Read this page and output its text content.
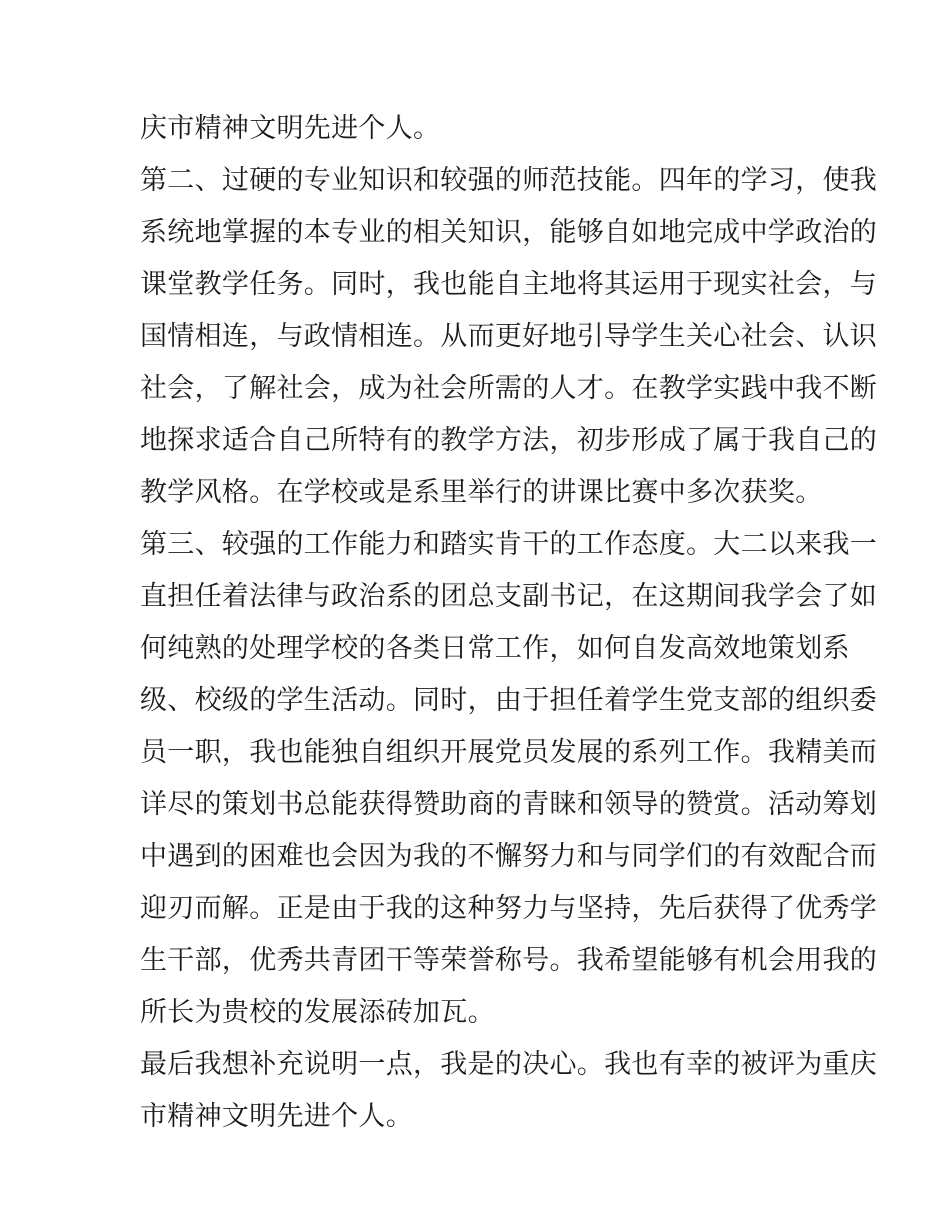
庆市精神文明先进个人。
第二、过硬的专业知识和较强的师范技能。四年的学习，使我
系统地掌握的本专业的相关知识，能够自如地完成中学政治的
课堂教学任务。同时，我也能自主地将其运用于现实社会，与
国情相连，与政情相连。从而更好地引导学生关心社会、认识
社会，了解社会，成为社会所需的人才。在教学实践中我不断
地探求适合自己所特有的教学方法，初步形成了属于我自己的
教学风格。在学校或是系里举行的讲课比赛中多次获奖。
第三、较强的工作能力和踏实肯干的工作态度。大二以来我一
直担任着法律与政治系的团总支副书记，在这期间我学会了如
何纯熟的处理学校的各类日常工作，如何自发高效地策划系
级、校级的学生活动。同时，由于担任着学生党支部的组织委
员一职，我也能独自组织开展党员发展的系列工作。我精美而
详尽的策划书总能获得赞助商的青睐和领导的赞赏。活动筹划
中遇到的困难也会因为我的不懈努力和与同学们的有效配合而
迎刃而解。正是由于我的这种努力与坚持，先后获得了优秀学
生干部，优秀共青团干等荣誉称号。我希望能够有机会用我的
所长为贵校的发展添砖加瓦。
最后我想补充说明一点，我是的决心。我也有幸的被评为重庆
市精神文明先进个人。
